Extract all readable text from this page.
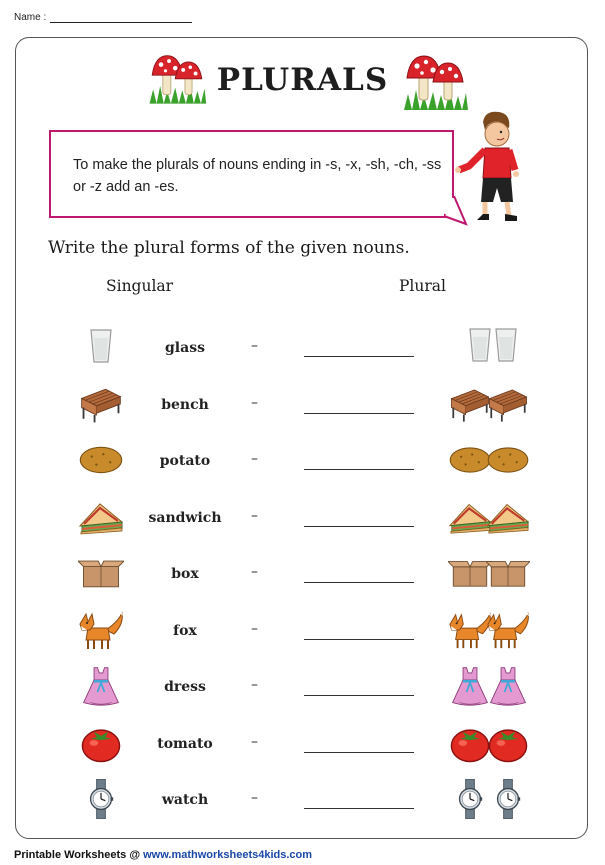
Name :
PLURALS
To make the plurals of nouns ending in -s, -x, -sh, -ch, -ss or -z add an -es.
Write the plural forms of the given nouns.
Singular	Plural
glass	–
bench	–
potato	–
sandwich	–
box	–
fox	–
dress	–
tomato	–
watch	–
Printable Worksheets @ www.mathworksheets4kids.com
